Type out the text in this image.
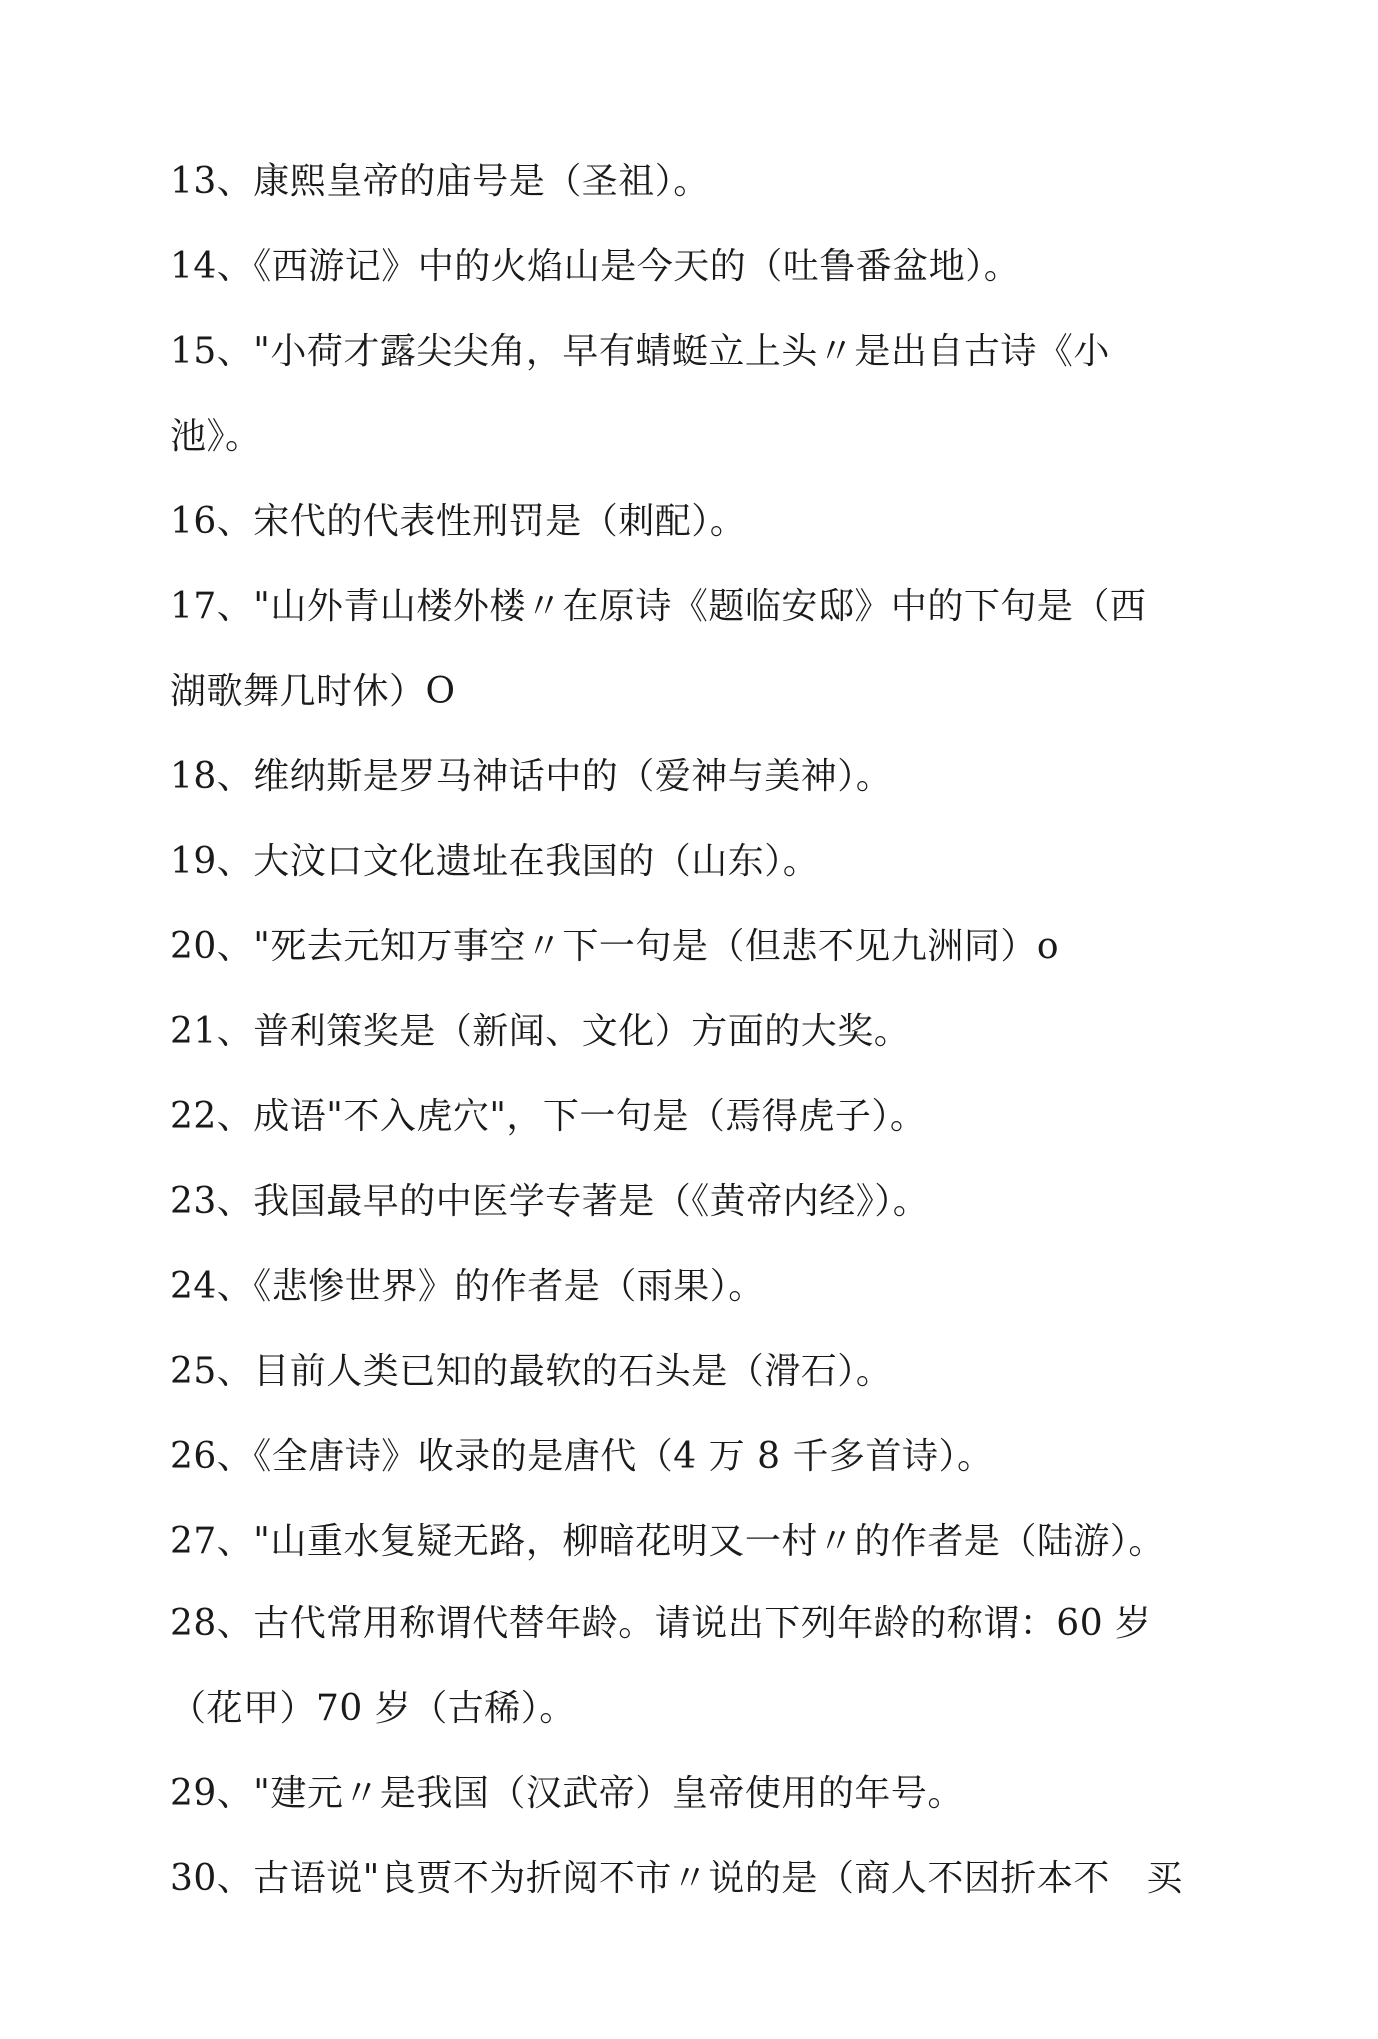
13、康熙皇帝的庙号是（圣祖）。
14、《西游记》中的火焰山是今天的（吐鲁番盆地）。
15、"小荷才露尖尖角，早有蜻蜓立上头〃是出自古诗《小
池》。
16、宋代的代表性刑罚是（刺配）。
17、"山外青山楼外楼〃在原诗《题临安邸》中的下句是（西
湖歌舞几时休）O
18、维纳斯是罗马神话中的（爱神与美神）。
19、大汶口文化遗址在我国的（山东）。
20、"死去元知万事空〃下一句是（但悲不见九洲同）o
21、普利策奖是（新闻、文化）方面的大奖。
22、成语"不入虎穴"，下一句是（焉得虎子）。
23、我国最早的中医学专著是（《黄帝内经》）。
24、《悲惨世界》的作者是（雨果）。
25、目前人类已知的最软的石头是（滑石）。
26、《全唐诗》收录的是唐代（4 万 8 千多首诗）。
27、"山重水复疑无路，柳暗花明又一村〃的作者是（陆游）。
28、古代常用称谓代替年龄。请说出下列年龄的称谓：60 岁
（花甲）70 岁（古稀）。
29、"建元〃是我国（汉武帝）皇帝使用的年号。
30、古语说"良贾不为折阅不市〃说的是（商人不因折本不　买
